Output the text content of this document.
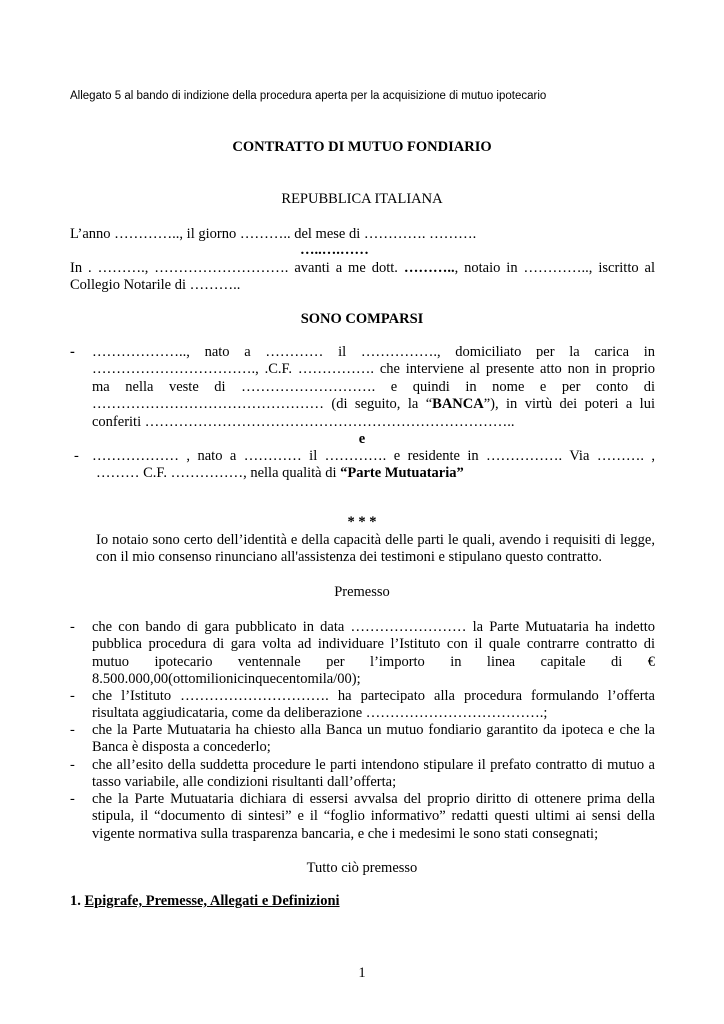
Allegato 5 al bando di indizione della procedura aperta per la acquisizione di mutuo ipotecario
CONTRATTO DI MUTUO FONDIARIO
REPUBBLICA ITALIANA
L’anno ………….., il giorno ……….. del mese di …………. ……….
…..….……
In . ………., ………………………. avanti a me dott. ……….., notaio in ………….., iscritto al
Collegio Notarile di ………..
SONO COMPARSI
- ……………….., nato a ………… il ……………., domiciliato per la carica in
……………………………., .C.F. ……………. che interviene al presente atto non in proprio
ma nella veste di ………………………. e quindi in nome e per conto di
………………………………………… (di seguito, la “BANCA”), in virtù dei poteri a lui
conferiti …………………………………………………………………..
e
- ……………… , nato a ………… il …………. e residente in ……………. Via ………. ,
……… C.F. ……………, nella qualità di “Parte Mutuataria”
* * *
Io notaio sono certo dell’identità e della capacità delle parti le quali, avendo i requisiti di legge,
con il mio consenso rinunciano all'assistenza dei testimoni e stipulano questo contratto.
Premesso
- che con bando di gara pubblicato in data …………………… la Parte Mutuataria ha indetto
pubblica procedura di gara volta ad individuare l’Istituto con il quale contrarre contratto di
mutuo ipotecario ventennale per l’importo in linea capitale di €
8.500.000,00(ottomilionicinquecentomila/00);
- che l’Istituto …………………………. ha partecipato alla procedura formulando l’offerta
risultata aggiudicataria, come da deliberazione ……………………………….;
- che la Parte Mutuataria ha chiesto alla Banca un mutuo fondiario garantito da ipoteca e che la
Banca è disposta a concederlo;
- che all’esito della suddetta procedure le parti intendono stipulare il prefato contratto di mutuo a
tasso variabile, alle condizioni risultanti dall’offerta;
- che la Parte Mutuataria dichiara di essersi avvalsa del proprio diritto di ottenere prima della
stipula, il “documento di sintesi” e il “foglio informativo” redatti questi ultimi ai sensi della
vigente normativa sulla trasparenza bancaria, e che i medesimi le sono stati consegnati;
Tutto ciò premesso
1. Epigrafe, Premesse, Allegati e Definizioni
1
